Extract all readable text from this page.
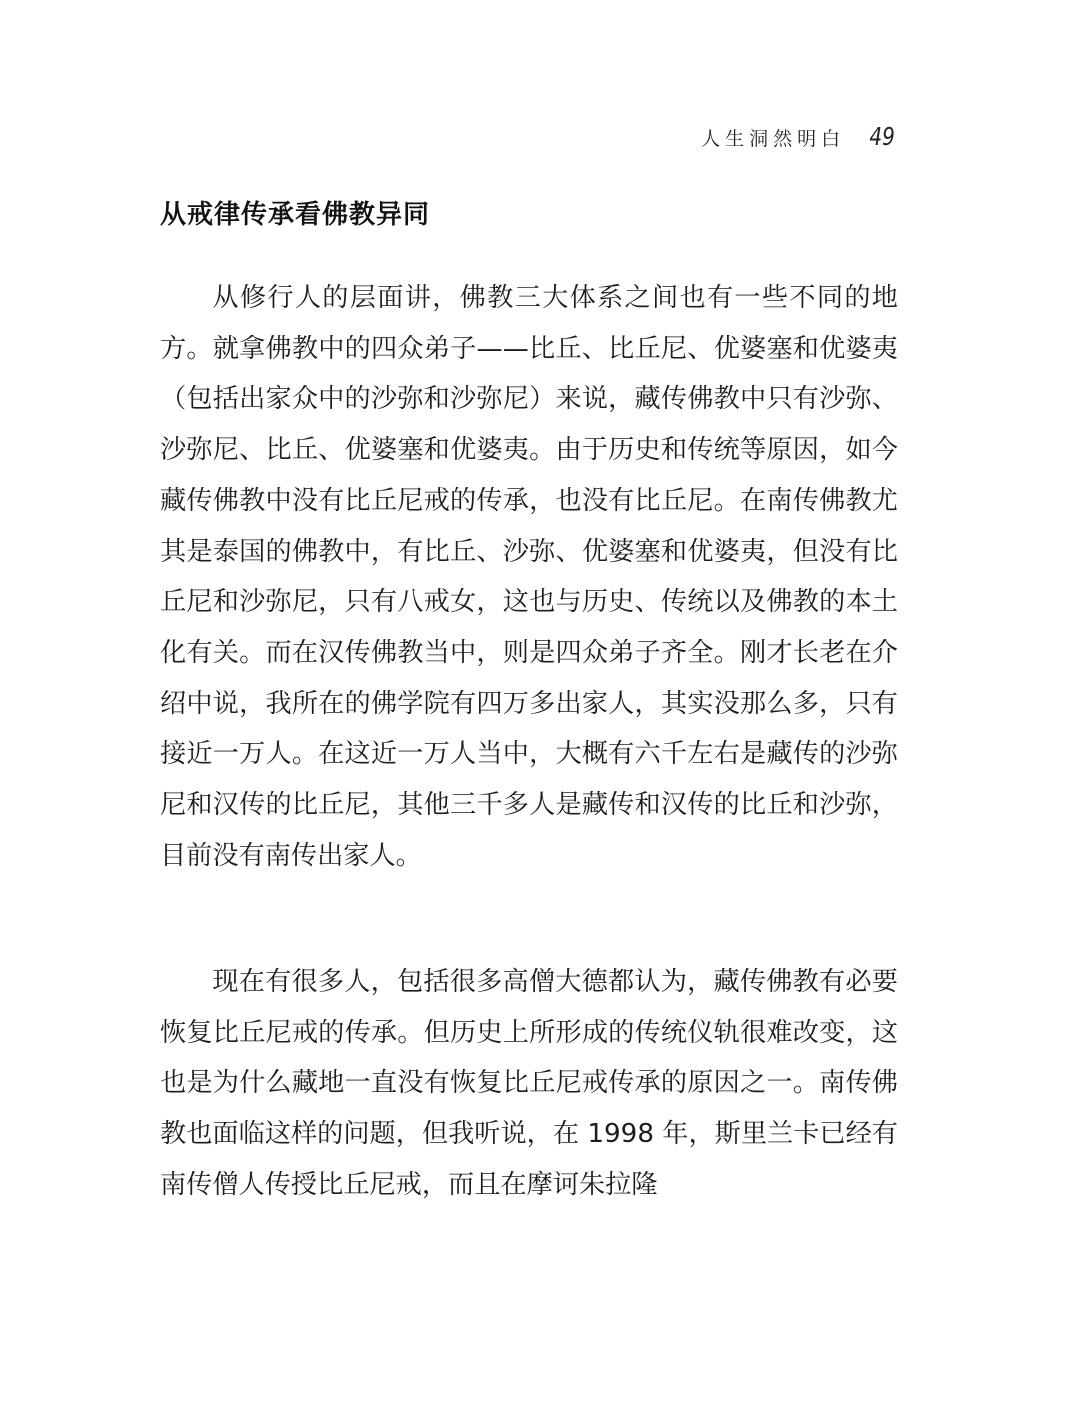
人生洞然明白 49
从戒律传承看佛教异同

从修行人的层面讲，佛教三大体系之间也有一些不同的地方。就拿佛教中的四众弟子——比丘、比丘尼、优婆塞和优婆夷（包括出家众中的沙弥和沙弥尼）来说，藏传佛教中只有沙弥、沙弥尼、比丘、优婆塞和优婆夷。由于历史和传统等原因，如今藏传佛教中没有比丘尼戒的传承，也没有比丘尼。在南传佛教尤其是泰国的佛教中，有比丘、沙弥、优婆塞和优婆夷，但没有比丘尼和沙弥尼，只有八戒女，这也与历史、传统以及佛教的本土化有关。而在汉传佛教当中，则是四众弟子齐全。刚才长老在介绍中说，我所在的佛学院有四万多出家人，其实没那么多，只有接近一万人。在这近一万人当中，大概有六千左右是藏传的沙弥尼和汉传的比丘尼，其他三千多人是藏传和汉传的比丘和沙弥，目前没有南传出家人。

现在有很多人，包括很多高僧大德都认为，藏传佛教有必要恢复比丘尼戒的传承。但历史上所形成的传统仪轨很难改变，这也是为什么藏地一直没有恢复比丘尼戒传承的原因之一。南传佛教也面临这样的问题，但我听说，在 1998 年，斯里兰卡已经有南传僧人传授比丘尼戒，而且在摩诃朱拉隆
